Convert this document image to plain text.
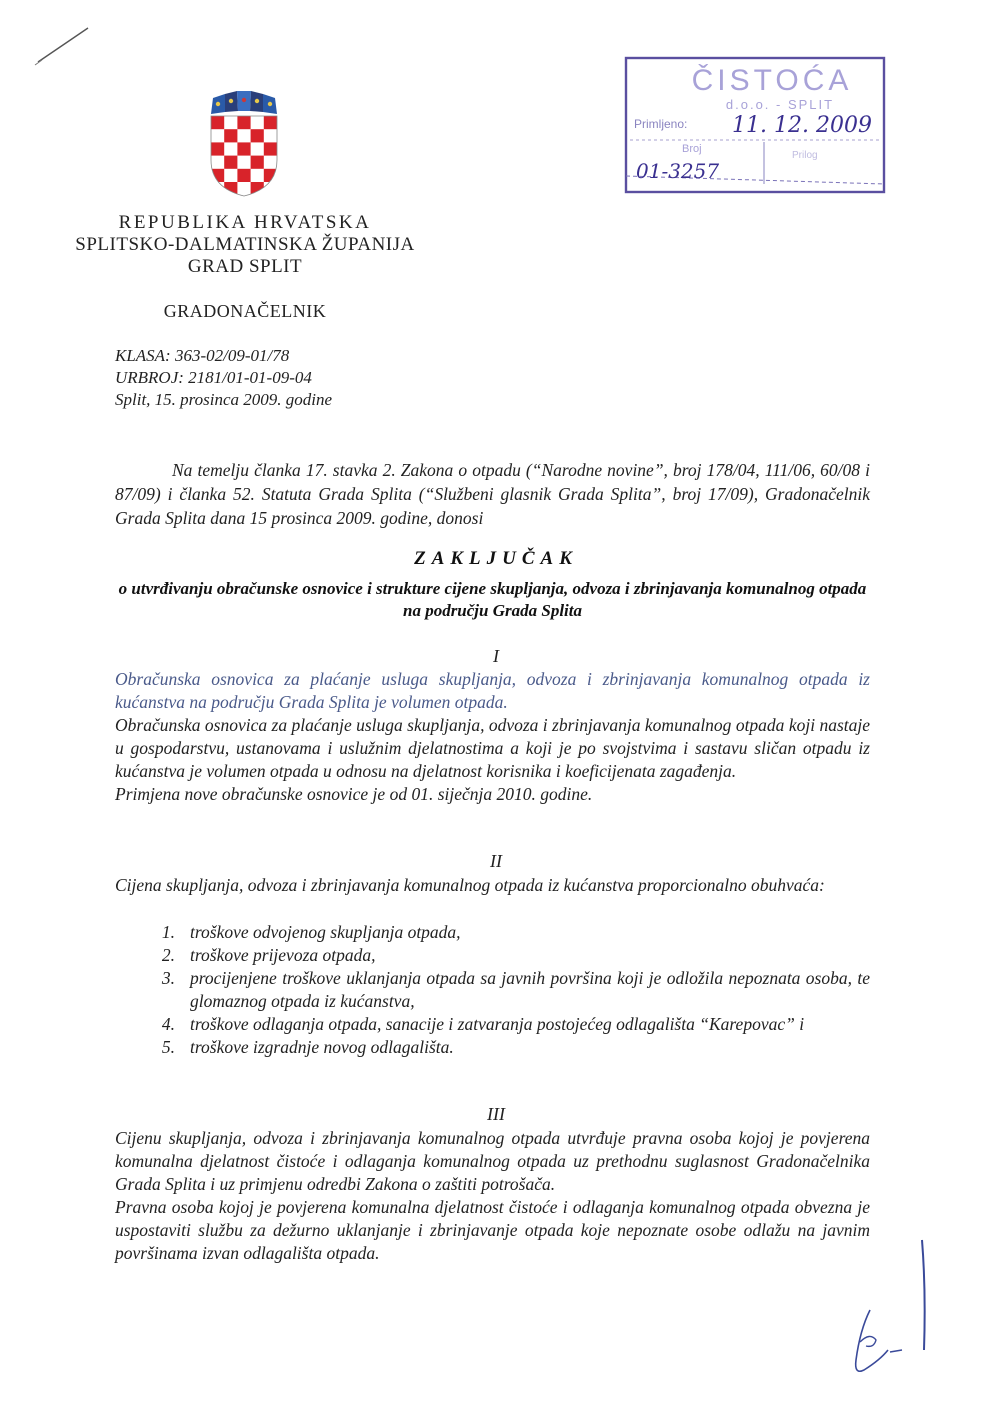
REPUBLIKA HRVATSKA
SPLITSKO-DALMATINSKA ŽUPANIJA
GRAD SPLIT
GRADONAČELNIK
KLASA: 363-02/09-01/78
URBROJ: 2181/01-01-09-04
Split, 15. prosinca 2009. godine
ČISTOĆA
d.o.o. - SPLIT
Primljeno: 11. 12. 2009
Broj
01-3257
Prilog
Na temelju članka 17. stavka 2. Zakona o otpadu (“Narodne novine”, broj 178/04, 111/06, 60/08 i 87/09) i članka 52. Statuta Grada Splita (“Službeni glasnik Grada Splita”, broj 17/09), Gradonačelnik Grada Splita dana 15 prosinca 2009. godine, donosi
ZAKLJUČAK
o utvrđivanju obračunske osnovice i strukture cijene skupljanja, odvoza i zbrinjavanja komunalnog otpada na području Grada Splita
I

Obračunska osnovica za plaćanje usluga skupljanja, odvoza i zbrinjavanja komunalnog otpada iz kućanstva na području Grada Splita je volumen otpada.

Obračunska osnovica za plaćanje usluga skupljanja, odvoza i zbrinjavanja komunalnog otpada koji nastaje u gospodarstvu, ustanovama i uslužnim djelatnostima a koji je po svojstvima i sastavu sličan otpadu iz kućanstva je volumen otpada u odnosu na djelatnost korisnika i koeficijenata zagađenja.

Primjena nove obračunske osnovice je od 01. siječnja 2010. godine.

II
Cijena skupljanja, odvoza i zbrinjavanja komunalnog otpada iz kućanstva proporcionalno obuhvaća:
1. troškove odvojenog skupljanja otpada,
2. troškove prijevoza otpada,
3. procijenjene troškove uklanjanja otpada sa javnih površina koji je odložila nepoznata osoba, te glomaznog otpada iz kućanstva,
4. troškove odlaganja otpada, sanacije i zatvaranja postojećeg odlagališta “Karepovac” i
5. troškove izgradnje novog odlagališta.
III

Cijenu skupljanja, odvoza i zbrinjavanja komunalnog otpada utvrđuje pravna osoba kojoj je povjerena komunalna djelatnost čistoće i odlaganja komunalnog otpada uz prethodnu suglasnost Gradonačelnika Grada Splita i uz primjenu odredbi Zakona o zaštiti potrošača.

Pravna osoba kojoj je povjerena komunalna djelatnost čistoće i odlaganja komunalnog otpada obvezna je uspostaviti službu za dežurno uklanjanje i zbrinjavanje otpada koje nepoznate osobe odlažu na javnim površinama izvan odlagališta otpada.
